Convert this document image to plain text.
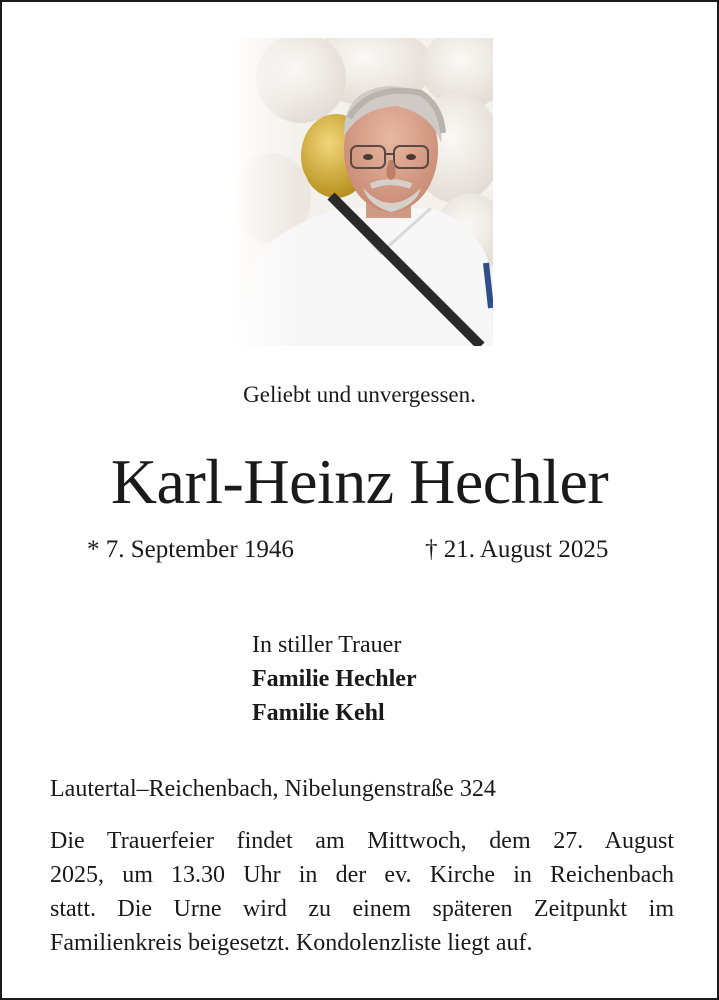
Geliebt und unvergessen.
Karl-Heinz Hechler
* 7. September 1946	† 21. August 2025
In stiller Trauer
Familie Hechler
Familie Kehl
Lautertal–Reichenbach, Nibelungenstraße 324
Die Trauerfeier findet am Mittwoch, dem 27. August
2025, um 13.30 Uhr in der ev. Kirche in Reichenbach
statt. Die Urne wird zu einem späteren Zeitpunkt im
Familienkreis beigesetzt. Kondolenzliste liegt auf.
